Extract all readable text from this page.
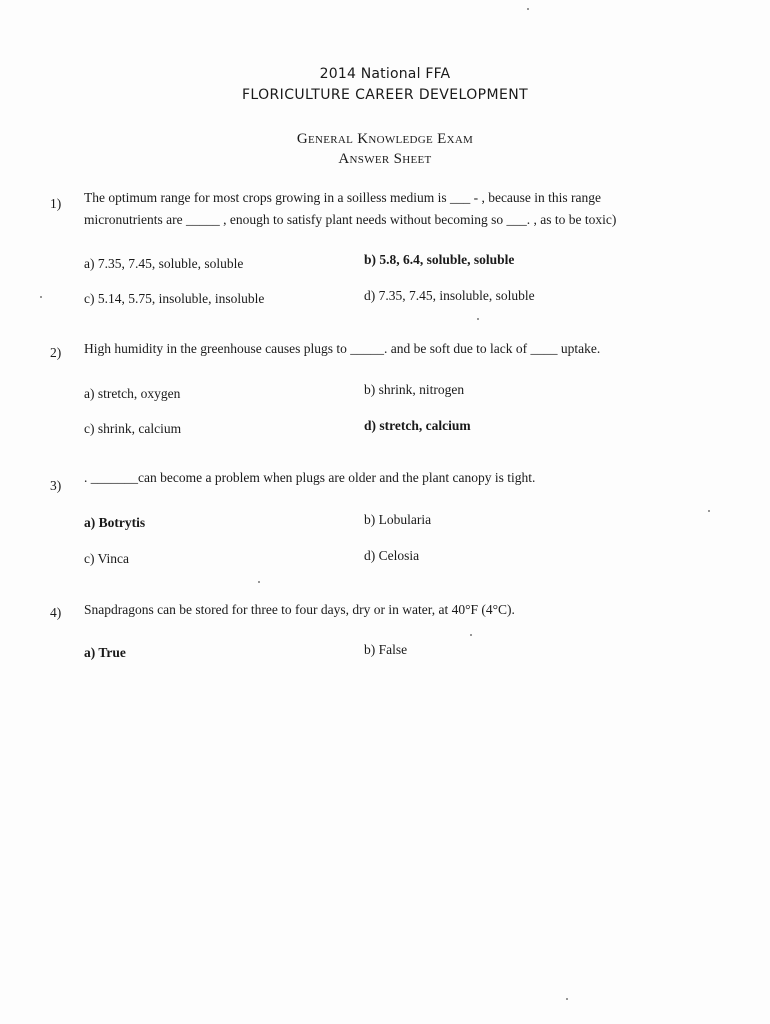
2014 National FFA
FLORICULTURE CAREER DEVELOPMENT
General Knowledge Exam
Answer Sheet
1) The optimum range for most crops growing in a soilless medium is ___ - , because in this range
micronutrients are _____ , enough to satisfy plant needs without becoming so ___. , as to be toxic)
a) 7.35, 7.45, soluble, soluble	b) 5.8, 6.4, soluble, soluble
c) 5.14, 5.75, insoluble, insoluble	d) 7.35, 7.45, insoluble, soluble
2) High humidity in the greenhouse causes plugs to _____. and be soft due to lack of ____ uptake.
a) stretch, oxygen	b) shrink, nitrogen
c) shrink, calcium	d) stretch, calcium
3)
. _______can become a problem when plugs are older and the plant canopy is tight.
a) Botrytis	b) Lobularia
c) Vinca	d) Celosia
4) Snapdragons can be stored for three to four days, dry or in water, at 40°F (4°C).
a) True	b) False
